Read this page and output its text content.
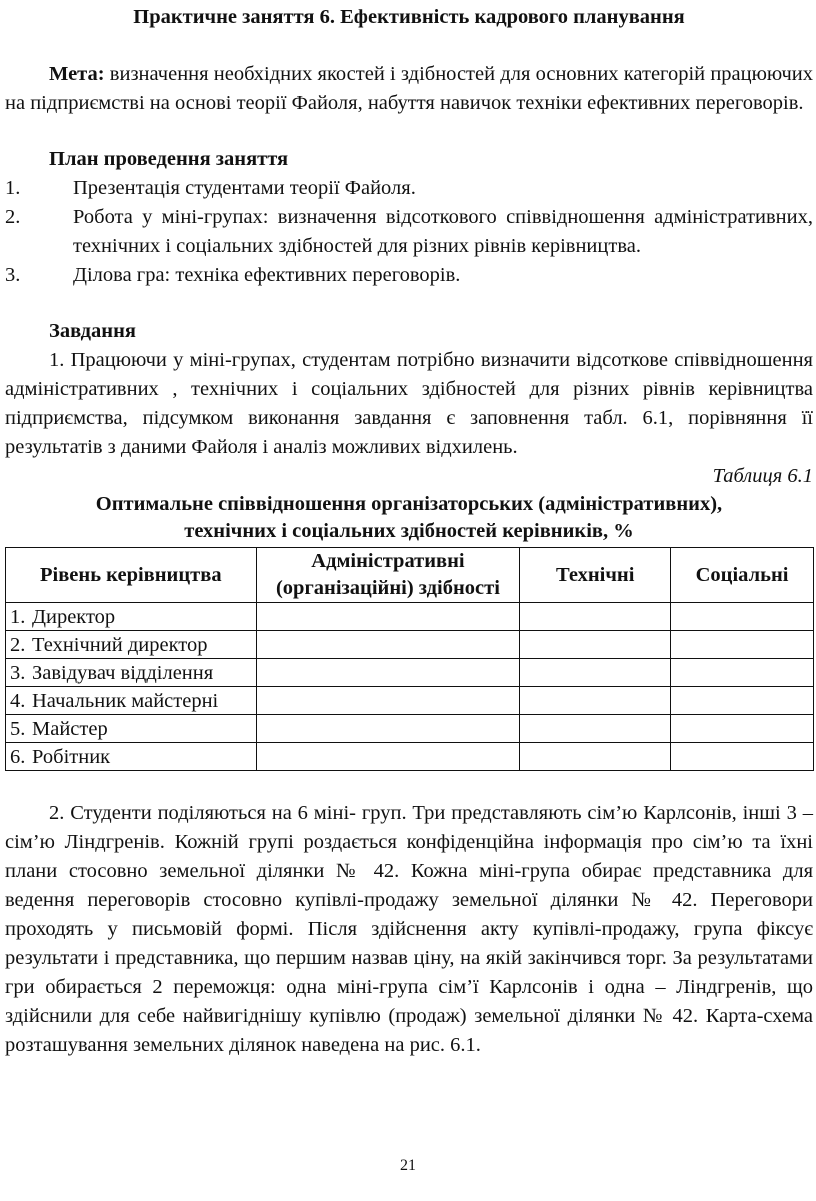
Практичне заняття 6. Ефективність кадрового планування

Мета: визначення необхідних якостей і здібностей для основних категорій працюючих на підприємстві на основі теорії Файоля, набуття навичок техніки ефективних переговорів.

План проведення заняття

1.	Презентація студентами теорії Файоля.
2.	Робота у міні-групах: визначення відсоткового співвідношення адміністративних, технічних і соціальних здібностей для різних рівнів керівництва.
3.	Ділова гра: техніка ефективних переговорів.

Завдання

1. Працюючи у міні-групах, студентам потрібно визначити відсоткове співвідношення адміністративних , технічних і соціальних здібностей для різних рівнів керівництва підприємства, підсумком виконання завдання є заповнення табл. 6.1, порівняння її результатів з даними Файоля і аналіз можливих відхилень.

Таблиця 6.1

Оптимальне співвідношення організаторських (адміністративних),

технічних і соціальних здібностей керівників, %

Рівень керівництва	Адміністративні (організаційні) здібності	Технічні	Соціальні
1. Директор			
2. Технічний директор			
3. Завідувач відділення			
4. Начальник майстерні			
5. Майстер			
6. Робітник			

2. Студенти поділяються на 6 міні- груп. Три представляють сім’ю Карлсонів, інші 3 – сім’ю Ліндгренів. Кожній групі роздається конфіденційна інформація про сім’ю та їхні плани стосовно земельної ділянки № 42. Кожна міні-група обирає представника для ведення переговорів стосовно купівлі-продажу земельної ділянки № 42. Переговори проходять у письмовій формі. Після здійснення акту купівлі-продажу, група фіксує результати і представника, що першим назвав ціну, на якій закінчився торг. За результатами гри обирається 2 переможця: одна міні-група сім’ї Карлсонів і одна – Ліндгренів, що здійснили для себе найвигіднішу купівлю (продаж) земельної ділянки № 42. Карта-схема розташування земельних ділянок наведена на рис. 6.1.

21
